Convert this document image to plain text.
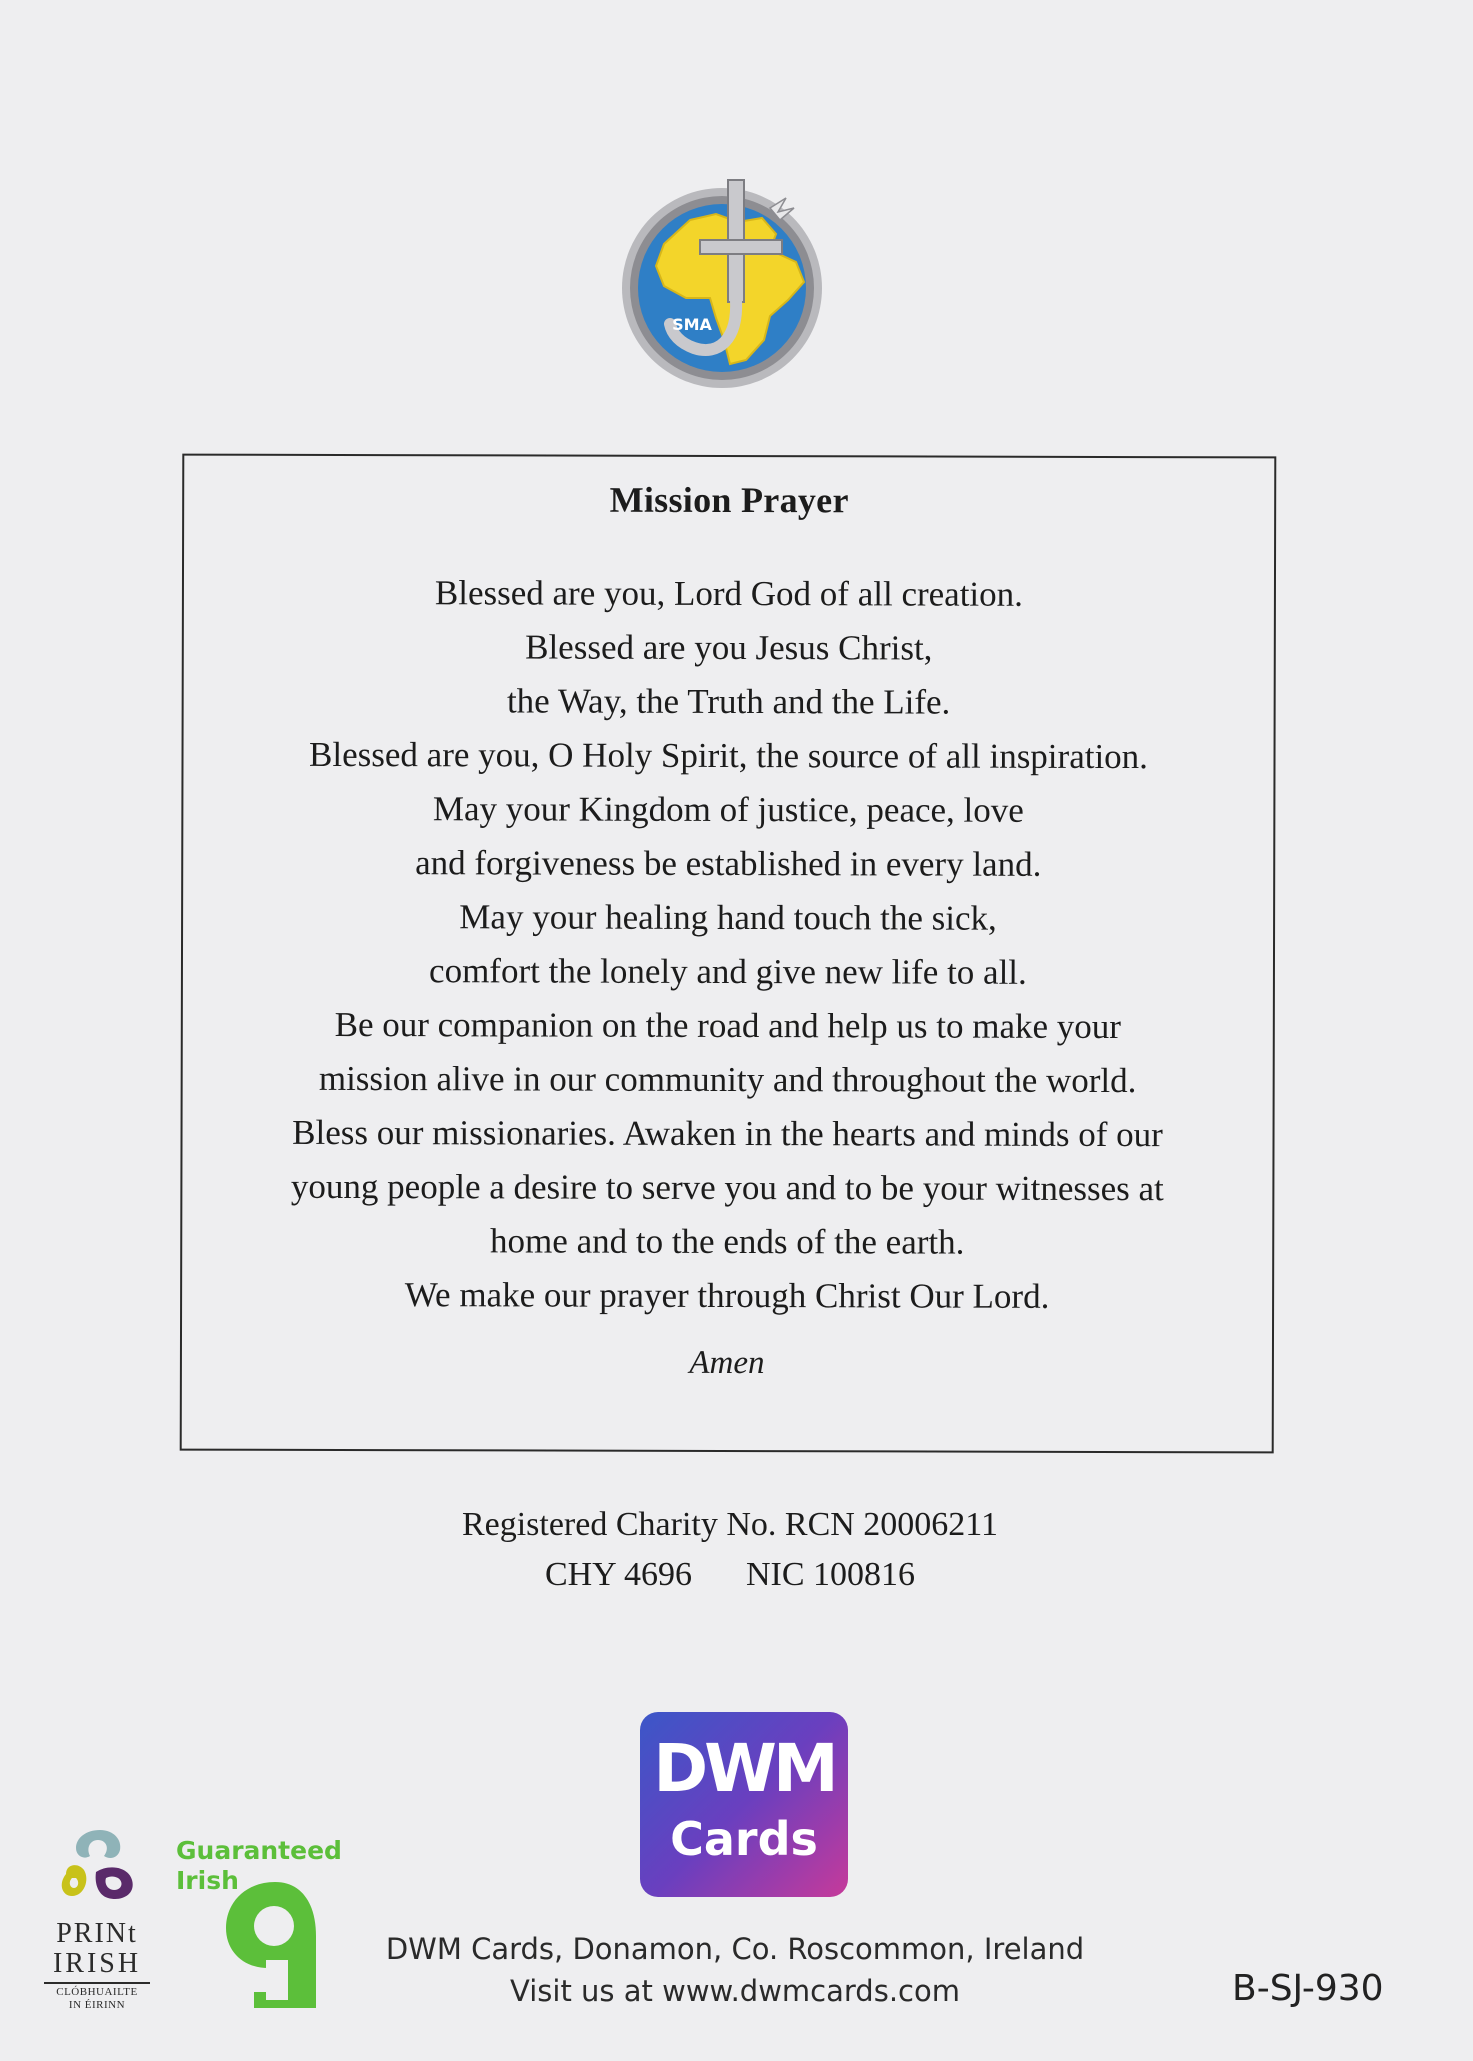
SMA
Mission Prayer
Blessed are you, Lord God of all creation.
Blessed are you Jesus Christ,
the Way, the Truth and the Life.
Blessed are you, O Holy Spirit, the source of all inspiration.
May your Kingdom of justice, peace, love
and forgiveness be established in every land.
May your healing hand touch the sick,
comfort the lonely and give new life to all.
Be our companion on the road and help us to make your
mission alive in our community and throughout the world.
Bless our missionaries. Awaken in the hearts and minds of our
young people a desire to serve you and to be your witnesses at
home and to the ends of the earth.
We make our prayer through Christ Our Lord.
Amen
Registered Charity No. RCN 20006211
CHY 4696 NIC 100816
DWM
Cards
DWM Cards, Donamon, Co. Roscommon, Ireland
Visit us at www.dwmcards.com	B-SJ-930
PRINt
IRISH
CLÓBHUAILTE
IN ÉIRINN
Guaranteed
Irish
